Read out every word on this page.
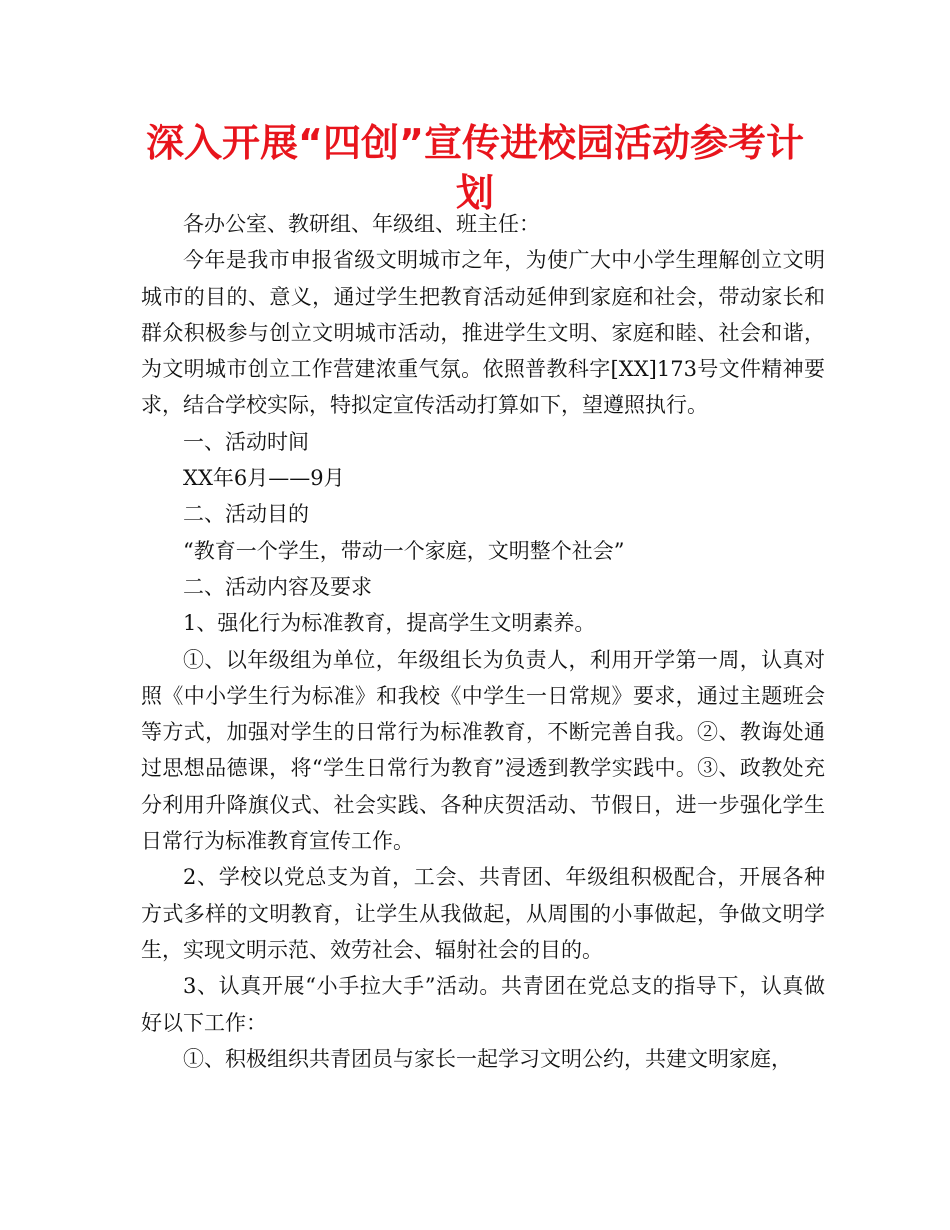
深入开展“四创”宣传进校园活动参考计划

各办公室、教研组、年级组、班主任：

今年是我市申报省级文明城市之年，为使广大中小学生理解创立文明城市的目的、意义，通过学生把教育活动延伸到家庭和社会，带动家长和群众积极参与创立文明城市活动，推进学生文明、家庭和睦、社会和谐，为文明城市创立工作营建浓重气氛。依照普教科字[XX]173号文件精神要求，结合学校实际，特拟定宣传活动打算如下，望遵照执行。

一、活动时间

XX年6月——9月

二、活动目的

“教育一个学生，带动一个家庭，文明整个社会”

二、活动内容及要求

1、强化行为标准教育，提高学生文明素养。

①、以年级组为单位，年级组长为负责人，利用开学第一周，认真对照《中小学生行为标准》和我校《中学生一日常规》要求，通过主题班会等方式，加强对学生的日常行为标准教育，不断完善自我。②、教诲处通过思想品德课，将“学生日常行为教育”浸透到教学实践中。③、政教处充分利用升降旗仪式、社会实践、各种庆贺活动、节假日，进一步强化学生日常行为标准教育宣传工作。

2、学校以党总支为首，工会、共青团、年级组积极配合，开展各种方式多样的文明教育，让学生从我做起，从周围的小事做起，争做文明学生，实现文明示范、效劳社会、辐射社会的目的。

3、认真开展“小手拉大手”活动。共青团在党总支的指导下，认真做好以下工作：

①、积极组织共青团员与家长一起学习文明公约，共建文明家庭，
